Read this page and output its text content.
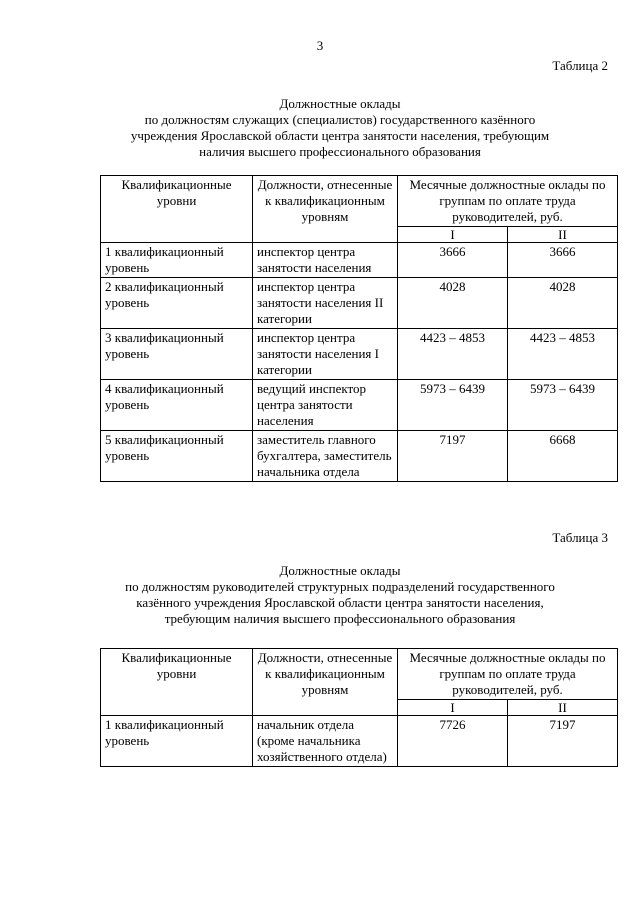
3
Таблица 2
Должностные оклады
по должностям служащих (специалистов) государственного казённого
учреждения Ярославской области центра занятости населения, требующим
наличия высшего профессионального образования
Квалификационные уровни	Должности, отнесенные к квалификационным уровням	Месячные должностные оклады по группам по оплате труда руководителей, руб.	
		I	II
1 квалификационный уровень	инспектор центра занятости населения	3666	3666
2 квалификационный уровень	инспектор центра занятости населения II категории	4028	4028
3 квалификационный уровень	инспектор центра занятости населения I категории	4423 – 4853	4423 – 4853
4 квалификационный уровень	ведущий инспектор центра занятости населения	5973 – 6439	5973 – 6439
5 квалификационный уровень	заместитель главного бухгалтера, заместитель начальника отдела	7197	6668
Таблица 3
Должностные оклады
по должностям руководителей структурных подразделений государственного
казённого учреждения Ярославской области центра занятости населения,
требующим наличия высшего профессионального образования
Квалификационные уровни	Должности, отнесенные к квалификационным уровням	Месячные должностные оклады по группам по оплате труда руководителей, руб.	
		I	II
1 квалификационный уровень	начальник отдела (кроме начальника хозяйственного отдела)	7726	7197
